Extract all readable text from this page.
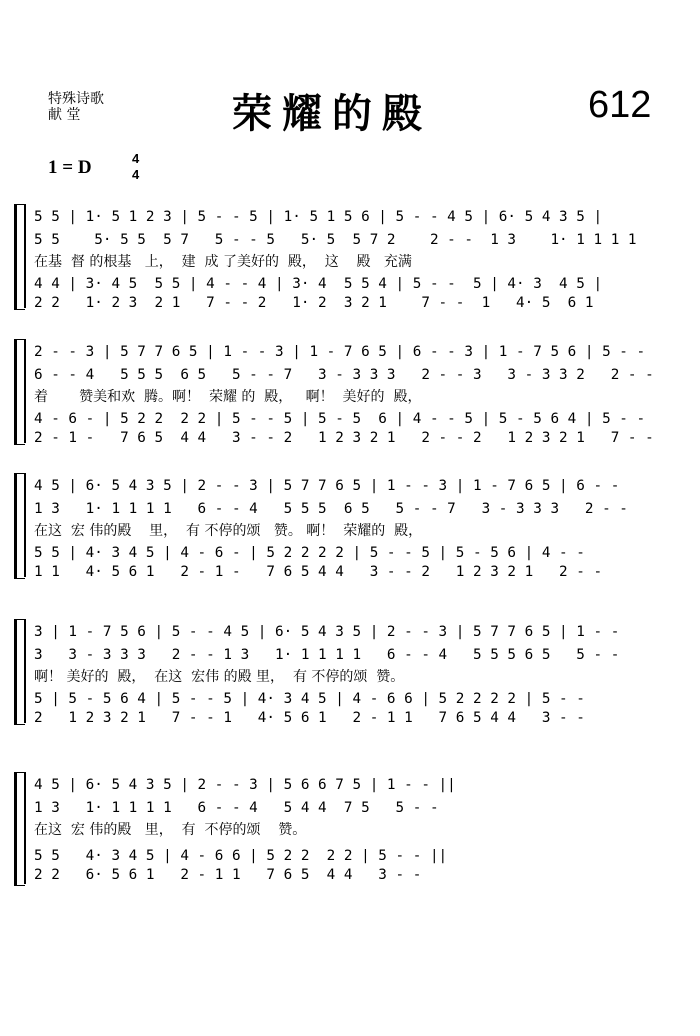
特殊诗歌
献 堂	荣耀的殿	612
1 = D	4
4
5 5 | 1· 5 1 2 3 | 5 - - 5 | 1· 5 1 5 6 | 5 - - 4 5 | 6· 5 4 3 5 |
5 5    5· 5 5  5 7   5 - - 5   5· 5  5 7 2    2 - -  1 3    1· 1 1 1 1
在基  督 的根基   上，  建  成 了美好的  殿，  这    殿   充满
4 4 | 3· 4 5  5 5 | 4 - - 4 | 3· 4  5 5 4 | 5 - -  5 | 4· 3  4 5 |
2 2   1· 2 3  2 1   7 - - 2   1· 2  3 2 1    7 - -  1   4· 5  6 1
2 - - 3 | 5 7 7 6 5 | 1 - - 3 | 1 - 7 6 5 | 6 - - 3 | 1 - 7 5 6 | 5 - -
6 - - 4   5 5 5  6 5   5 - - 7   3 - 3 3 3   2 - - 3   3 - 3 3 2   2 - -
着       赞美和欢  腾。啊！  荣耀 的  殿，   啊！  美好的  殿，
4 - 6 - | 5 2 2  2 2 | 5 - - 5 | 5 - 5  6 | 4 - - 5 | 5 - 5 6 4 | 5 - -
2 - 1 -   7 6 5  4 4   3 - - 2   1 2 3 2 1   2 - - 2   1 2 3 2 1   7 - -
4 5 | 6· 5 4 3 5 | 2 - - 3 | 5 7 7 6 5 | 1 - - 3 | 1 - 7 6 5 | 6 - -
1 3   1· 1 1 1 1   6 - - 4   5 5 5  6 5   5 - - 7   3 - 3 3 3   2 - -
在这  宏 伟的殿    里，  有 不停的颂   赞。 啊！  荣耀的  殿，
5 5 | 4· 3 4 5 | 4 - 6 - | 5 2 2 2 2 | 5 - - 5 | 5 - 5 6 | 4 - -
1 1   4· 5 6 1   2 - 1 -   7 6 5 4 4   3 - - 2   1 2 3 2 1   2 - -
3 | 1 - 7 5 6 | 5 - - 4 5 | 6· 5 4 3 5 | 2 - - 3 | 5 7 7 6 5 | 1 - -
3   3 - 3 3 3   2 - - 1 3   1· 1 1 1 1   6 - - 4   5 5 5 6 5   5 - -
啊！ 美好的  殿，  在这  宏伟 的殿 里，  有 不停的颂  赞。
5 | 5 - 5 6 4 | 5 - - 5 | 4· 3 4 5 | 4 - 6 6 | 5 2 2 2 2 | 5 - -
2   1 2 3 2 1   7 - - 1   4· 5 6 1   2 - 1 1   7 6 5 4 4   3 - -
4 5 | 6· 5 4 3 5 | 2 - - 3 | 5 6 6 7 5 | 1 - - ||
1 3   1· 1 1 1 1   6 - - 4   5 4 4  7 5   5 - -
在这  宏 伟的殿   里，  有  不停的颂    赞。
5 5   4· 3 4 5 | 4 - 6 6 | 5 2 2  2 2 | 5 - - ||
2 2   6· 5 6 1   2 - 1 1   7 6 5  4 4   3 - -
